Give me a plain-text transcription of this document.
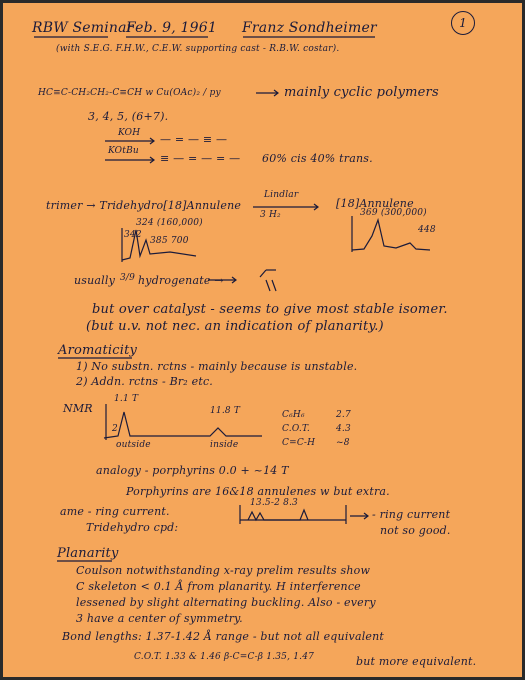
1
RBW Seminar
Feb. 9, 1961 Franz Sondheimer
(with S.E.G. F.H.W., C.E.W. supporting cast - R.B.W. costar).
HC≡C-CH₂CH₂-C≡CH w Cu(OAc)₂ / py	mainly cyclic polymers
3, 4, 5, (6+7).
KOH — = — ≡ —
KOtBu
≡ — = — = — 60% cis 40% trans.
trimer → Tridehydro[18]Annulene
Lindlar
3 H₂
[18]Annulene
324 (160,000)
342
385 700
369 (300,000)
448
usually 3/9 hydrogenate →
but over catalyst - seems to give most stable isomer.
(but u.v. not nec. an indication of planarity.)
Aromaticity
1) No substn. rctns - mainly because is unstable.
2) Addn. rctns - Br₂ etc.
NMR
1.1 T
11.8 T
2
outside	inside
C₆H₆	2.7
C.O.T.	4.3
C=C-H ~8
analogy - porphyrins 0.0 + ~14 T
Porphyrins are 16&18 annulenes w but extra.
ame - ring current.
Tridehydro cpd:
13.5-2 8.3
- ring current
not so good.
Planarity
Coulson notwithstanding x-ray prelim results show
C skeleton < 0.1 Å from planarity. H interference
lessened by slight alternating buckling. Also - every
3 have a center of symmetry.
Bond lengths: 1.37-1.42 Å range - but not all equivalent
C.O.T. 1.33 & 1.46 β-C=C-β 1.35, 1.47	but more equivalent.
